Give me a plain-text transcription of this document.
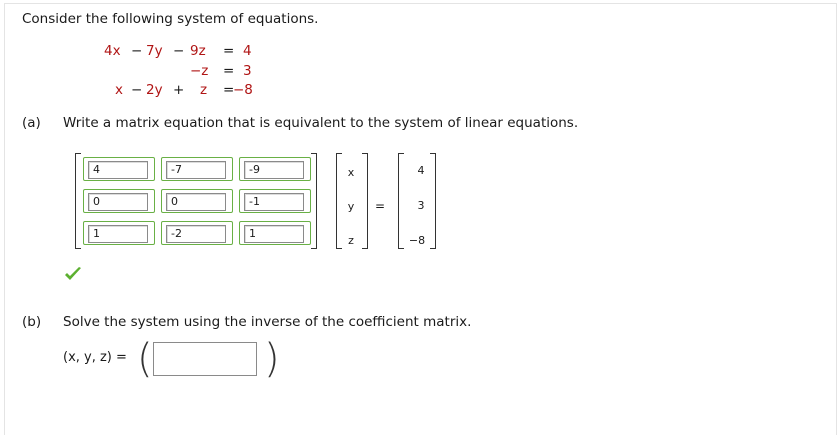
Consider the following system of equations.
4x − 7y − 9z = 4
−z = 3
x − 2y + z =
−8
(a) Write a matrix equation that is equivalent to the system of linear equations.
4	-7	-9
0	0	-1
1	-2	1
x
y
z
=
4
3
−8
(b) Solve the system using the inverse of the coefficient matrix.
(x, y, z) = (	)
